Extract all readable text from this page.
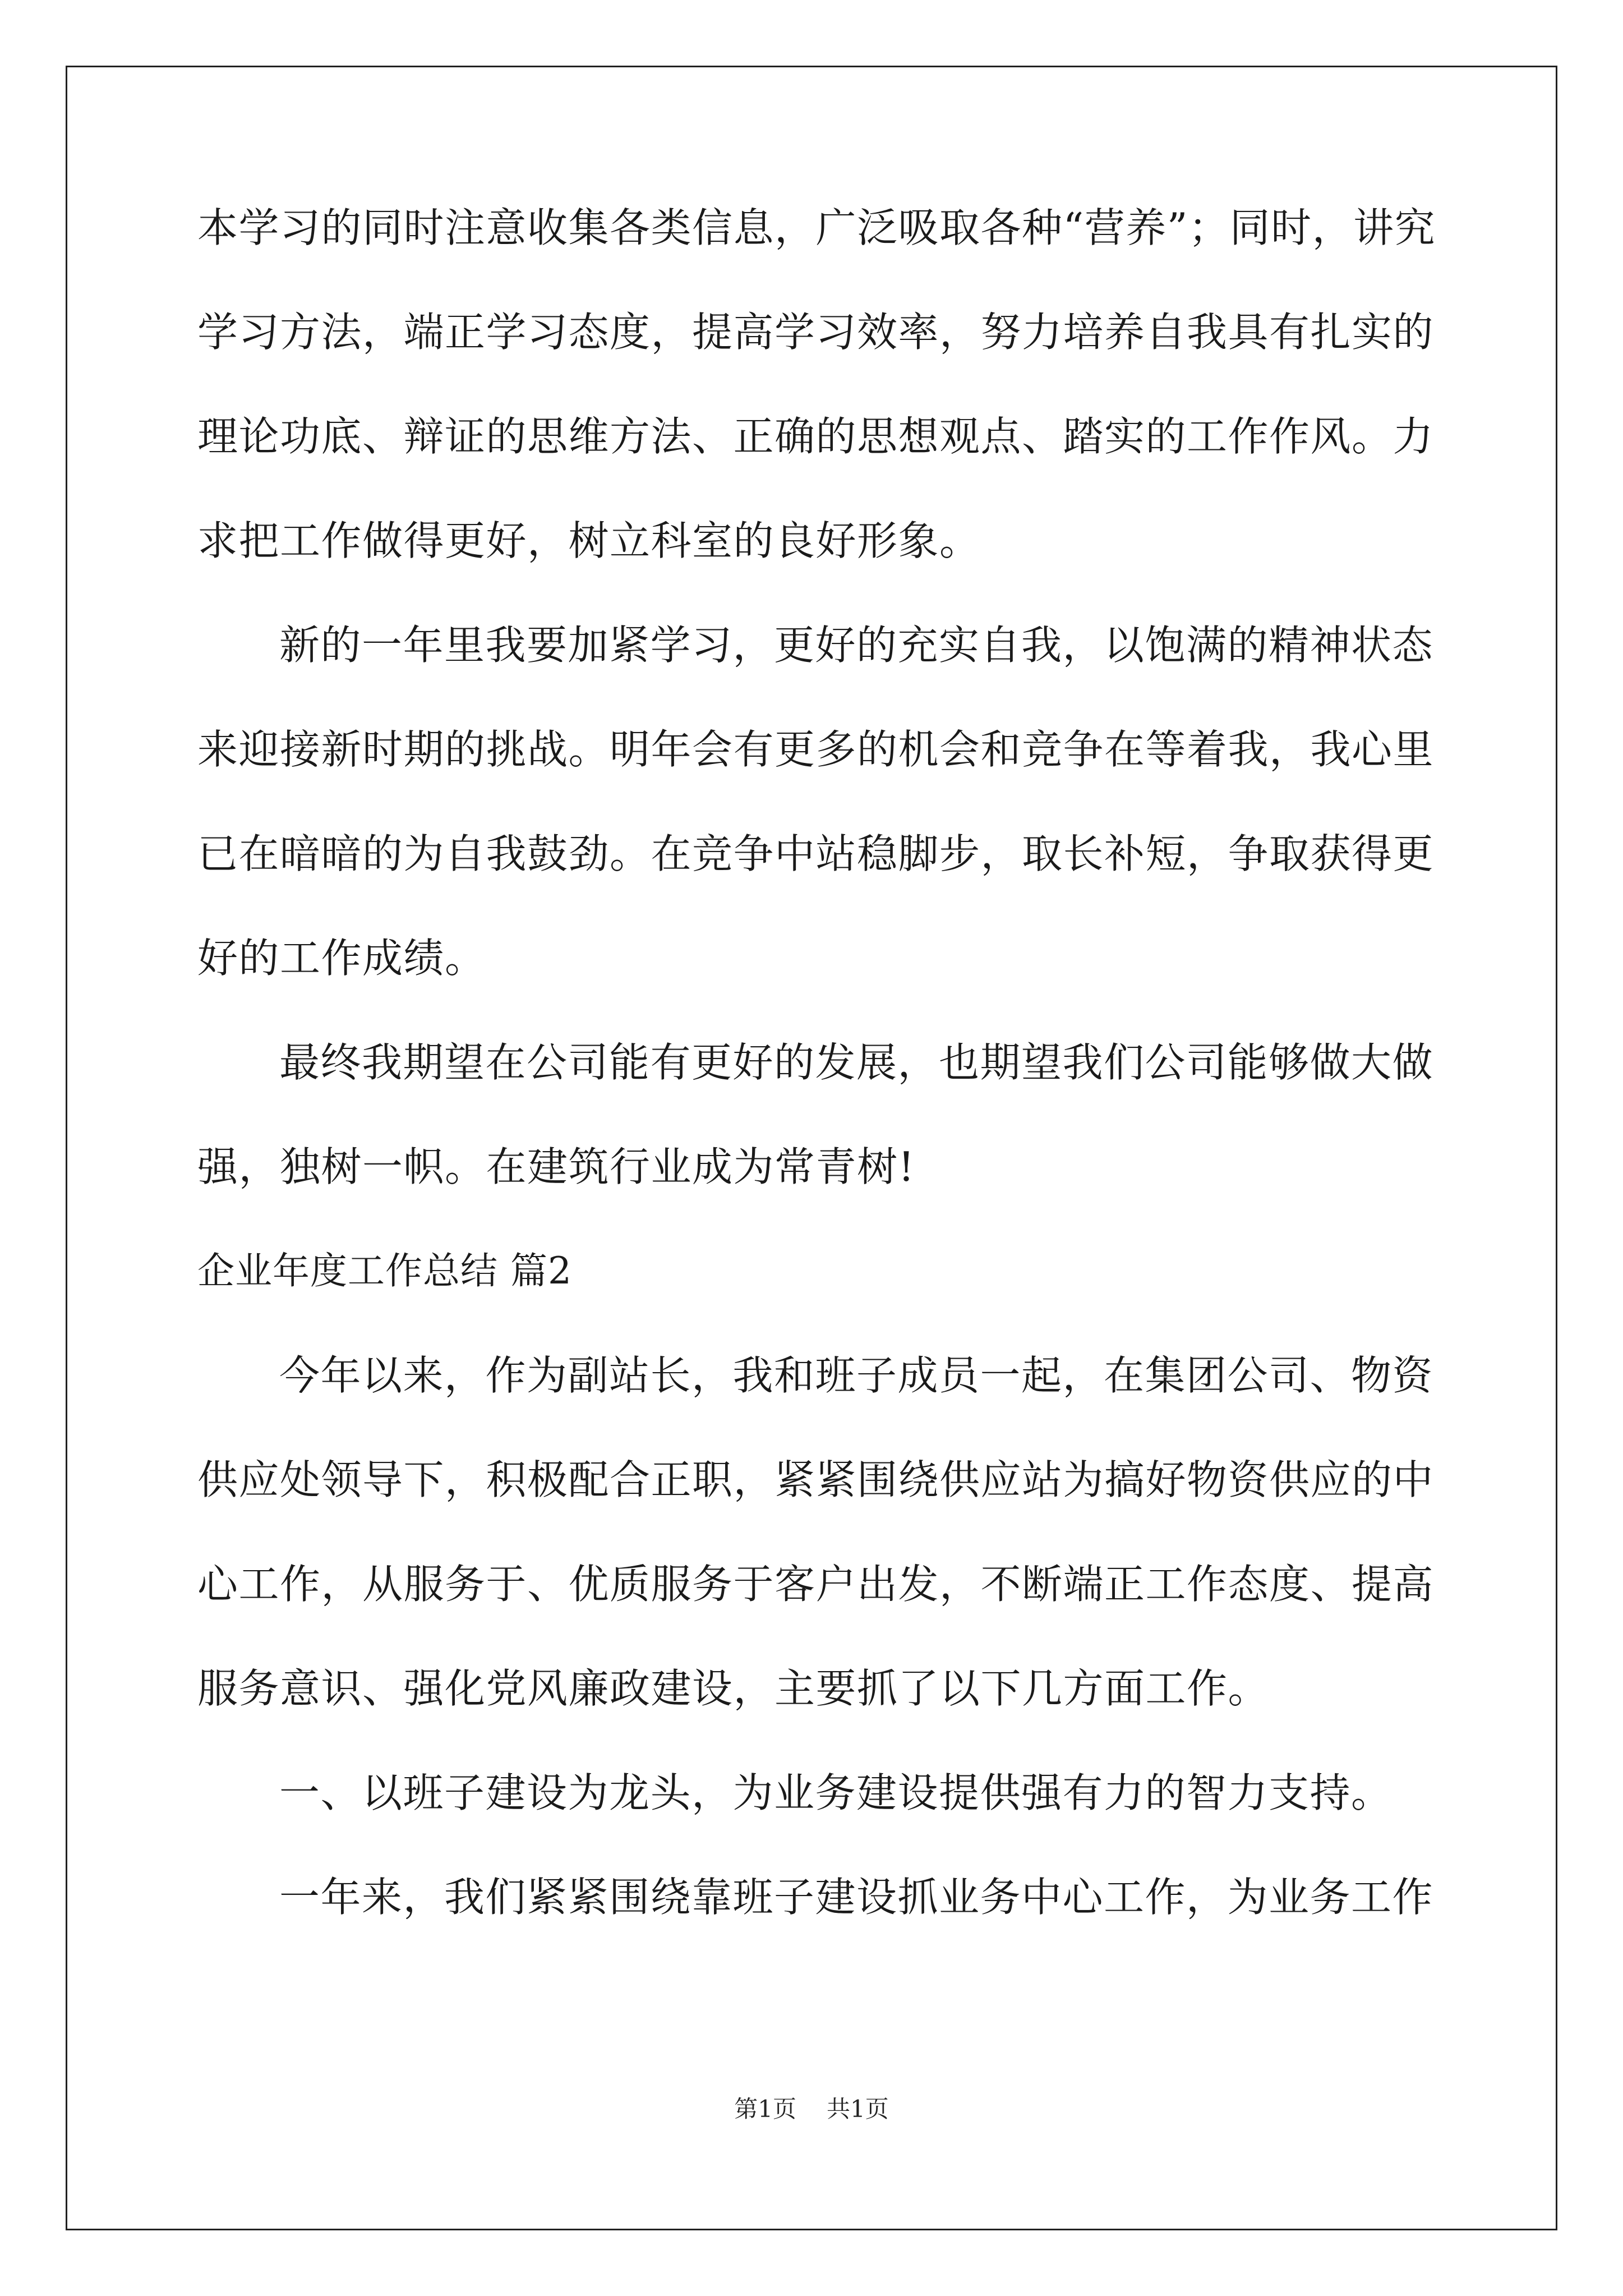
本学习的同时注意收集各类信息，广泛吸取各种“营养”；同时，讲究
学习方法，端正学习态度，提高学习效率，努力培养自我具有扎实的
理论功底、辩证的思维方法、正确的思想观点、踏实的工作作风。力
求把工作做得更好，树立科室的良好形象。
新的一年里我要加紧学习，更好的充实自我，以饱满的精神状态
来迎接新时期的挑战。明年会有更多的机会和竞争在等着我，我心里
已在暗暗的为自我鼓劲。在竞争中站稳脚步，取长补短，争取获得更
好的工作成绩。
最终我期望在公司能有更好的发展，也期望我们公司能够做大做
强，独树一帜。在建筑行业成为常青树!
企业年度工作总结 篇2
今年以来，作为副站长，我和班子成员一起，在集团公司、物资
供应处领导下，积极配合正职，紧紧围绕供应站为搞好物资供应的中
心工作，从服务于、优质服务于客户出发，不断端正工作态度、提高
服务意识、强化党风廉政建设，主要抓了以下几方面工作。
一、以班子建设为龙头，为业务建设提供强有力的智力支持。
一年来，我们紧紧围绕靠班子建设抓业务中心工作，为业务工作
第1页 共1页
